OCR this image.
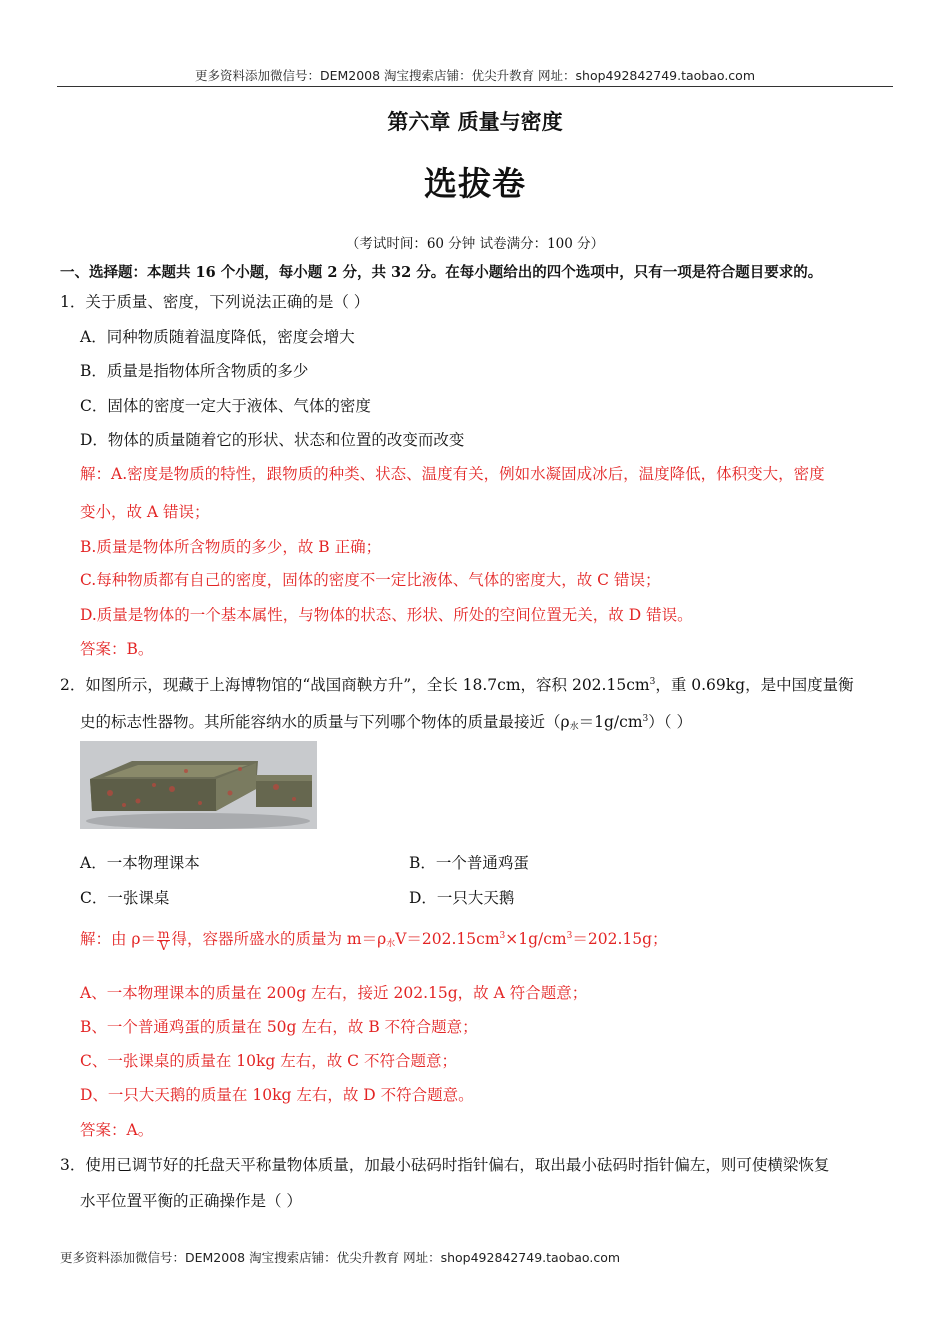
更多资料添加微信号：DEM2008 淘宝搜索店铺：优尖升教育 网址：shop492842749.taobao.com
第六章 质量与密度
选拔卷
（考试时间：60 分钟 试卷满分：100 分）
一、选择题：本题共 16 个小题，每小题 2 分，共 32 分。在每小题给出的四个选项中，只有一项是符合题目要求的。
1．关于质量、密度，下列说法正确的是（ ）
A．同种物质随着温度降低，密度会增大
B．质量是指物体所含物质的多少
C．固体的密度一定大于液体、气体的密度
D．物体的质量随着它的形状、状态和位置的改变而改变
解：A.密度是物质的特性，跟物质的种类、状态、温度有关，例如水凝固成冰后，温度降低，体积变大，密度
变小，故 A 错误；
B.质量是物体所含物质的多少，故 B 正确；
C.每种物质都有自己的密度，固体的密度不一定比液体、气体的密度大，故 C 错误；
D.质量是物体的一个基本属性，与物体的状态、形状、所处的空间位置无关，故 D 错误。
答案：B。
2．如图所示，现藏于上海博物馆的“战国商鞅方升”，全长 18.7cm，容积 $202.15cm^3$，重 0.69kg，是中国度量衡
史的标志性器物。其所能容纳水的质量与下列哪个物体的质量最接近$(\rho_水=1g/cm^3)$（ ）
A．一本物理课本	B．一个普通鸡蛋
C．一张课桌	D．一只大天鹅
解：由 $\rho= \frac{m}{V}$ 得，容器所盛水的质量为 $m=\rho_水V=202.15cm^3\times 1g/cm^3=202.15g$；
A、一本物理课本的质量在 200g 左右，接近 202.15g，故 A 符合题意；
B、一个普通鸡蛋的质量在 50g 左右，故 B 不符合题意；
C、一张课桌的质量在 10kg 左右，故 C 不符合题意；
D、一只大天鹅的质量在 10kg 左右，故 D 不符合题意。
答案：A。
3．使用已调节好的托盘天平称量物体质量，加最小砝码时指针偏右，取出最小砝码时指针偏左，则可使横梁恢复
水平位置平衡的正确操作是（ ）
更多资料添加微信号：DEM2008 淘宝搜索店铺：优尖升教育 网址：shop492842749.taobao.com
